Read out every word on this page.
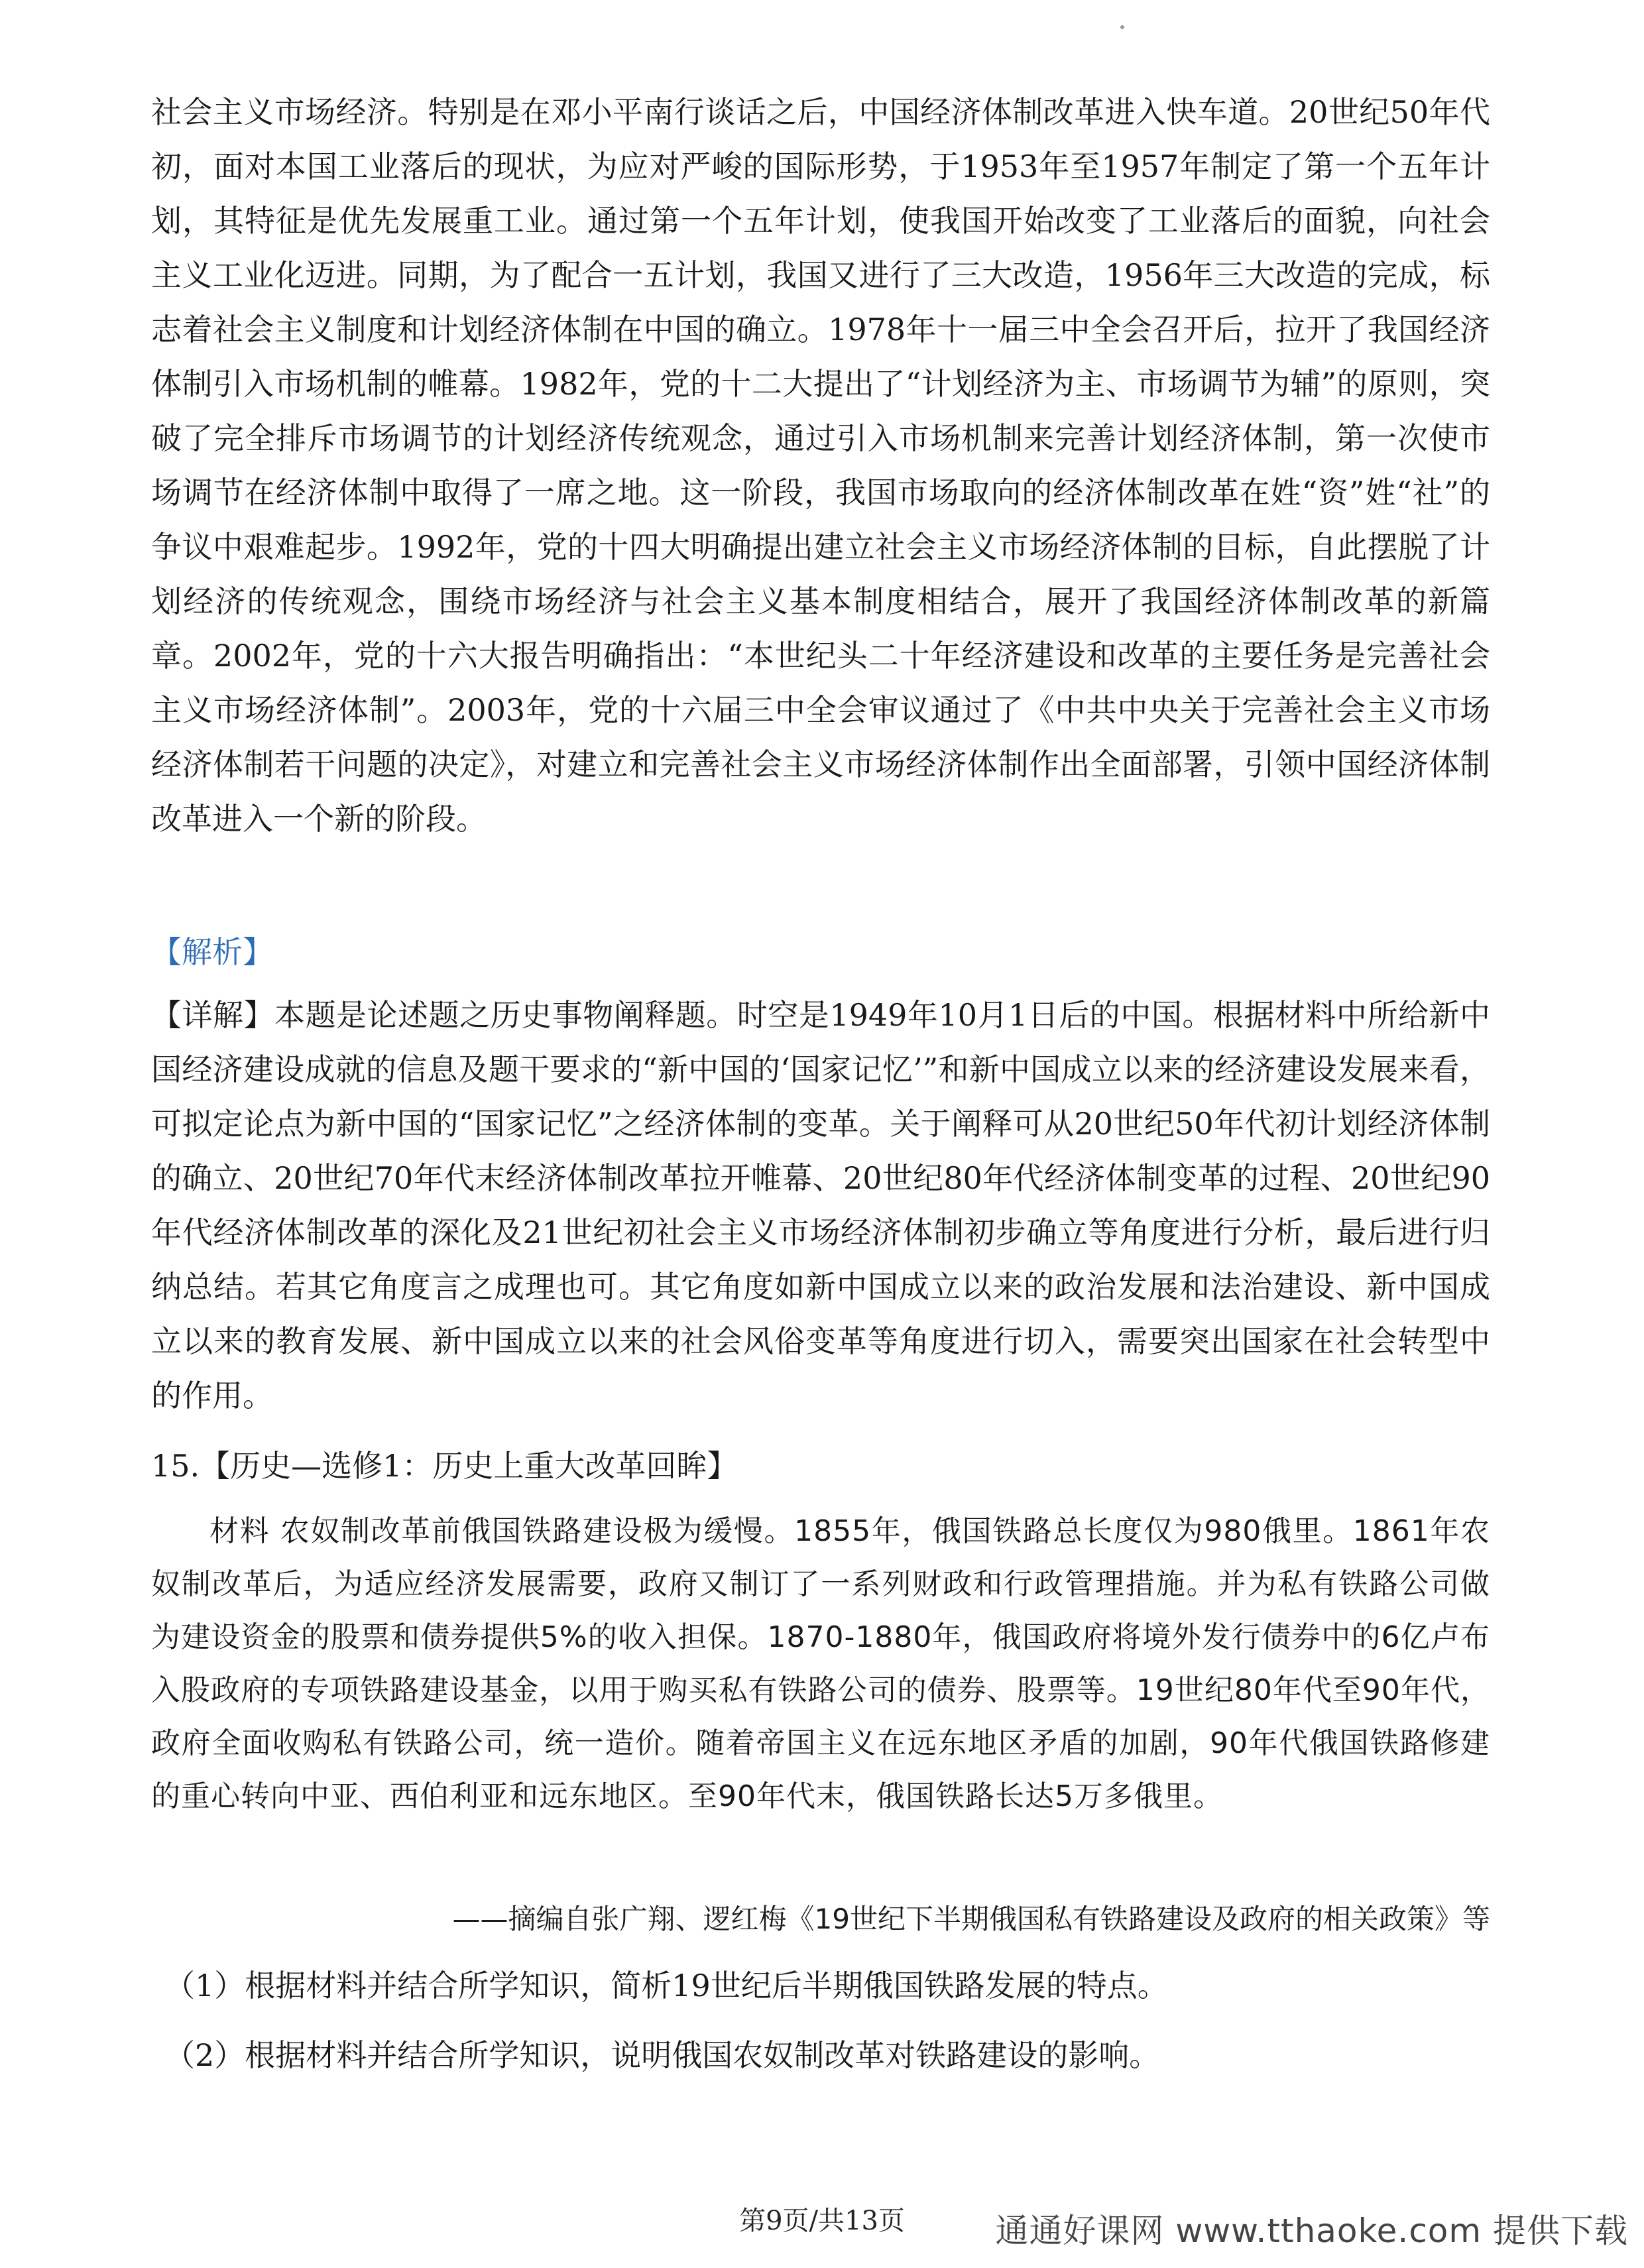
社会主义市场经济。特别是在邓小平南行谈话之后，中国经济体制改革进入快车道。20世纪50年代初，面对本国工业落后的现状，为应对严峻的国际形势，于1953年至1957年制定了第一个五年计划，其特征是优先发展重工业。通过第一个五年计划，使我国开始改变了工业落后的面貌，向社会主义工业化迈进。同期，为了配合一五计划，我国又进行了三大改造，1956年三大改造的完成，标志着社会主义制度和计划经济体制在中国的确立。1978年十一届三中全会召开后，拉开了我国经济体制引入市场机制的帷幕。1982年，党的十二大提出了“计划经济为主、市场调节为辅”的原则，突破了完全排斥市场调节的计划经济传统观念，通过引入市场机制来完善计划经济体制，第一次使市场调节在经济体制中取得了一席之地。这一阶段，我国市场取向的经济体制改革在姓“资”姓“社”的争议中艰难起步。1992年，党的十四大明确提出建立社会主义市场经济体制的目标，自此摆脱了计划经济的传统观念，围绕市场经济与社会主义基本制度相结合，展开了我国经济体制改革的新篇章。2002年，党的十六大报告明确指出：“本世纪头二十年经济建设和改革的主要任务是完善社会主义市场经济体制”。2003年，党的十六届三中全会审议通过了《中共中央关于完善社会主义市场经济体制若干问题的决定》，对建立和完善社会主义市场经济体制作出全面部署，引领中国经济体制改革进入一个新的阶段。

【解析】

【详解】本题是论述题之历史事物阐释题。时空是1949年10月1日后的中国。根据材料中所给新中国经济建设成就的信息及题干要求的“新中国的‘国家记忆’”和新中国成立以来的经济建设发展来看，可拟定论点为新中国的“国家记忆”之经济体制的变革。关于阐释可从20世纪50年代初计划经济体制的确立、20世纪70年代末经济体制改革拉开帷幕、20世纪80年代经济体制变革的过程、20世纪90年代经济体制改革的深化及21世纪初社会主义市场经济体制初步确立等角度进行分析，最后进行归纳总结。若其它角度言之成理也可。其它角度如新中国成立以来的政治发展和法治建设、新中国成立以来的教育发展、新中国成立以来的社会风俗变革等角度进行切入，需要突出国家在社会转型中的作用。

15.【历史—选修1：历史上重大改革回眸】

材料 农奴制改革前俄国铁路建设极为缓慢。1855年，俄国铁路总长度仅为980俄里。1861年农奴制改革后，为适应经济发展需要，政府又制订了一系列财政和行政管理措施。并为私有铁路公司做为建设资金的股票和债券提供5%的收入担保。1870-1880年，俄国政府将境外发行债券中的6亿卢布入股政府的专项铁路建设基金，以用于购买私有铁路公司的债券、股票等。19世纪80年代至90年代，政府全面收购私有铁路公司，统一造价。随着帝国主义在远东地区矛盾的加剧，90年代俄国铁路修建的重心转向中亚、西伯利亚和远东地区。至90年代末，俄国铁路长达5万多俄里。

——摘编自张广翔、逻红梅《19世纪下半期俄国私有铁路建设及政府的相关政策》等
（1）根据材料并结合所学知识，简析19世纪后半期俄国铁路发展的特点。
（2）根据材料并结合所学知识，说明俄国农奴制改革对铁路建设的影响。
第9页/共13页	通通好课网 www.tthaoke.com 提供下载
